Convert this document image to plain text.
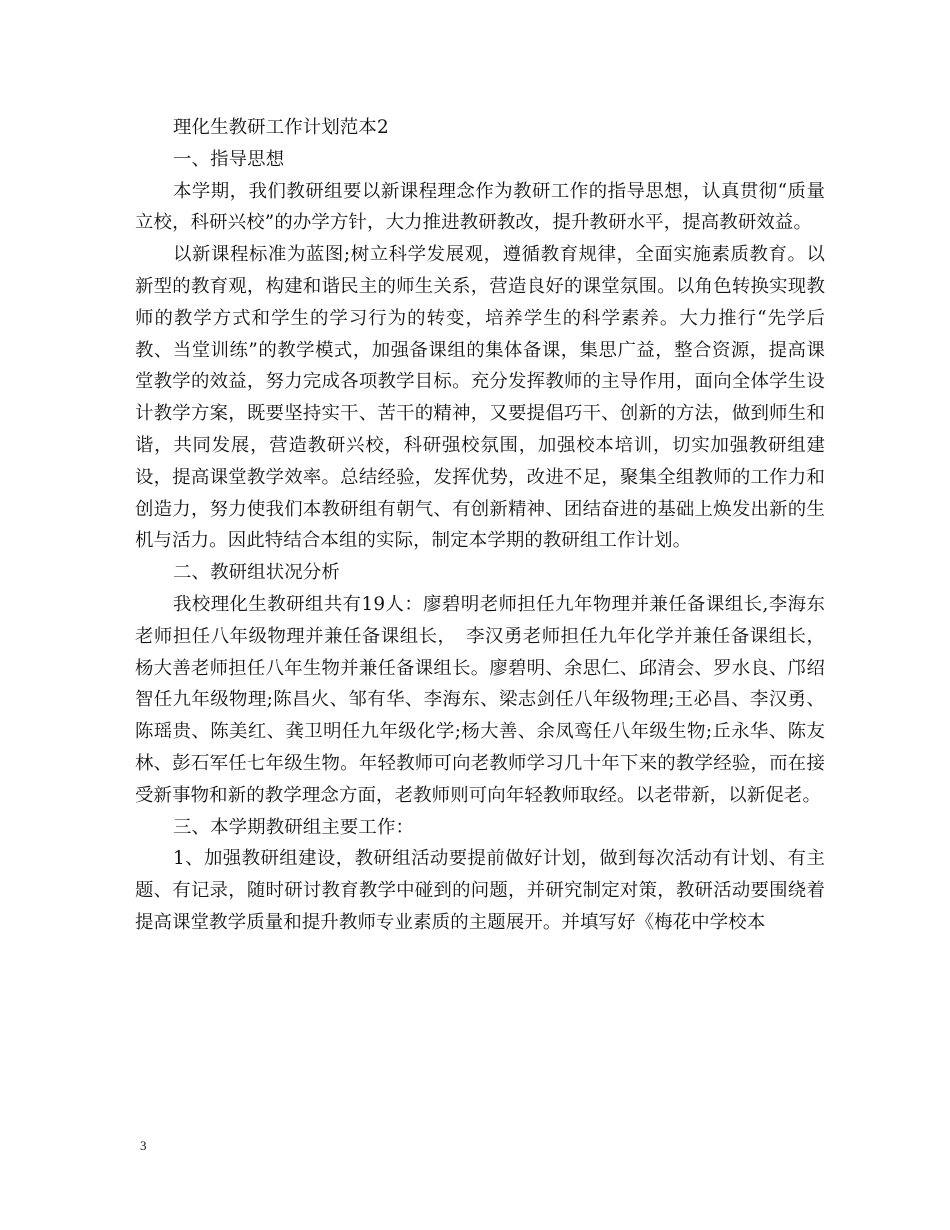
理化生教研工作计划范本2

一、指导思想

本学期，我们教研组要以新课程理念作为教研工作的指导思想，认真贯彻“质量立校，科研兴校”的办学方针，大力推进教研教改，提升教研水平，提高教研效益。

以新课程标准为蓝图;树立科学发展观，遵循教育规律，全面实施素质教育。以新型的教育观，构建和谐民主的师生关系，营造良好的课堂氛围。以角色转换实现教师的教学方式和学生的学习行为的转变，培养学生的科学素养。大力推行“先学后教、当堂训练”的教学模式，加强备课组的集体备课，集思广益，整合资源，提高课堂教学的效益，努力完成各项教学目标。充分发挥教师的主导作用，面向全体学生设计教学方案，既要坚持实干、苦干的精神，又要提倡巧干、创新的方法，做到师生和谐，共同发展，营造教研兴校，科研强校氛围，加强校本培训，切实加强教研组建设，提高课堂教学效率。总结经验，发挥优势，改进不足，聚集全组教师的工作力和创造力，努力使我们本教研组有朝气、有创新精神、团结奋进的基础上焕发出新的生机与活力。因此特结合本组的实际，制定本学期的教研组工作计划。

二、教研组状况分析

我校理化生教研组共有19人：廖碧明老师担任九年物理并兼任备课组长,李海东老师担任八年级物理并兼任备课组长，　李汉勇老师担任九年化学并兼任备课组长，杨大善老师担任八年生物并兼任备课组长。廖碧明、余思仁、邱清会、罗水良、邝绍智任九年级物理;陈昌火、邹有华、李海东、梁志剑任八年级物理;王必昌、李汉勇、陈瑶贵、陈美红、龚卫明任九年级化学;杨大善、余凤鸾任八年级生物;丘永华、陈友林、彭石军任七年级生物。年轻教师可向老教师学习几十年下来的教学经验，而在接受新事物和新的教学理念方面，老教师则可向年轻教师取经。以老带新，以新促老。

三、本学期教研组主要工作：

1、加强教研组建设，教研组活动要提前做好计划，做到每次活动有计划、有主题、有记录，随时研讨教育教学中碰到的问题，并研究制定对策，教研活动要围绕着提高课堂教学质量和提升教师专业素质的主题展开。并填写好《梅花中学校本

3
